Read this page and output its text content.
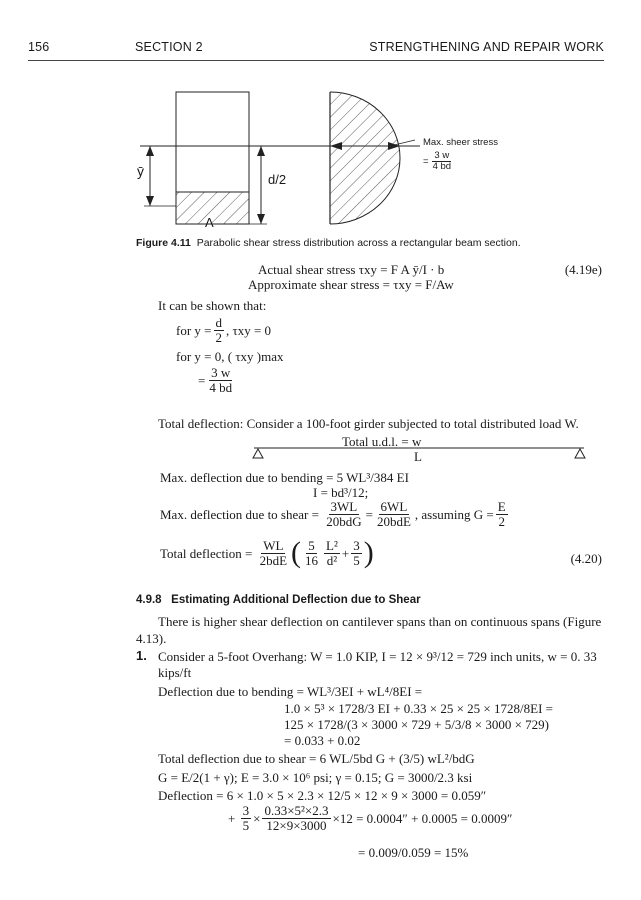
156	SECTION 2	STRENGTHENING AND REPAIR WORK
ȳ
d/2
A
Max. sheer stress
= $\frac{3 w}{4 bd}$
Figure 4.11 Parabolic shear stress distribution across a rectangular beam section.
Actual shear stress τxy = F A ȳ/I · b
Approximate shear stress = τxy = F/Aw
(4.19e)
It can be shown that:
for $y = \frac{d}{2}$ , τxy = 0
for y = 0, ( τxy )max
= $\frac{3 w}{4 bd}$
Total deflection: Consider a 100-foot girder subjected to total distributed load W.
Total u.d.l. = w
L
Max. deflection due to bending = 5 WL³/384 EI
I = bd³/12;
Max. deflection due to shear =
$\frac{3WL}{\text{20bdG}} = \frac{6WL}{\text{20bdE}}$ , assuming $G = \frac{E}{2}$
Total deflection =
$\frac{WL}{\text{2bdE}}$ ( $\frac{5}{16} \frac{\text{L²}}{\text{d²}} + \frac{3}{5}$ )	(4.20)
4.9.8 Estimating Additional Deflection due to Shear
There is higher shear deflection on cantilever spans than on continuous spans (Figure 4.13).
1. Consider a 5-foot Overhang: W = 1.0 KIP, I = 12 × 9³/12 = 729 inch units, w = 0. 33
kips/ft
Deflection due to bending = WL³/3EI + wL⁴/8EI =
1.0 × 5³ × 1728/3 EI + 0.33 × 25 × 25 × 1728/8EI =
125 × 1728/(3 × 3000 × 729 + 5/3/8 × 3000 × 729)
= 0.033 + 0.02
Total deflection due to shear = 6 WL/5bd G + (3/5) wL²/bdG
G = E/2(1 + γ); E = 3.0 × 10⁶ psi; γ = 0.15; G = 3000/2.3 ksi
Deflection = 6 × 1.0 × 5 × 2.3 × 12/5 × 12 × 9 × 3000 = 0.059″
+
$\frac{3}{5} \times \frac{\text{0.33×5²×2.3}}{12\times 9\times 3000} \times 12 = 0.0004'' + 0.0005 = 0.0009''$
= 0.009/0.059 = 15%
